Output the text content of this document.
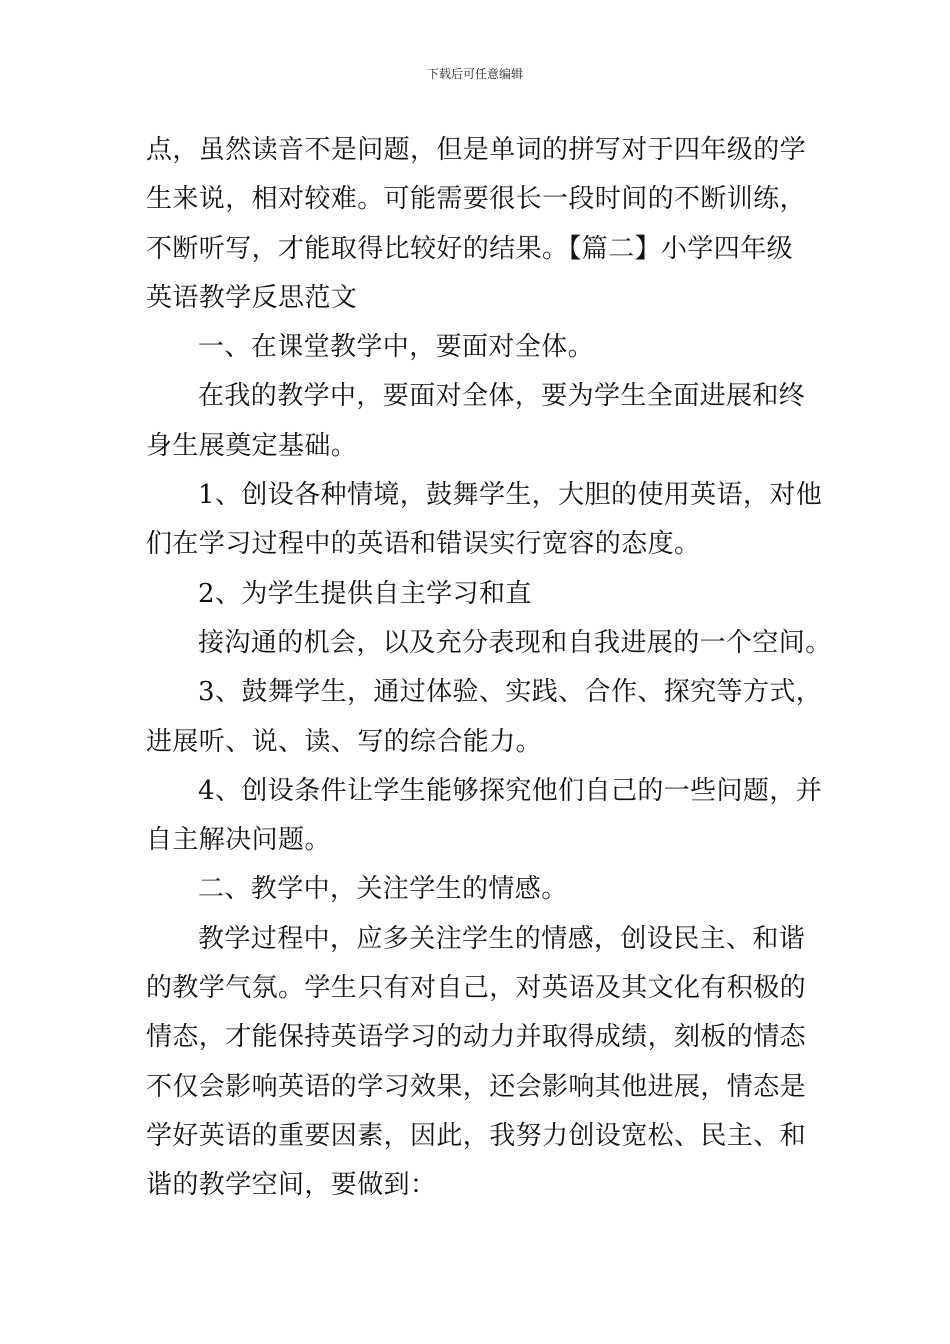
下载后可任意编辑
点，虽然读音不是问题，但是单词的拼写对于四年级的学
生来说，相对较难。可能需要很长一段时间的不断训练，
不断听写，才能取得比较好的结果。【篇二】小学四年级
英语教学反思范文
一、在课堂教学中，要面对全体。
在我的教学中，要面对全体，要为学生全面进展和终
身生展奠定基础。
1、创设各种情境，鼓舞学生，大胆的使用英语，对他
们在学习过程中的英语和错误实行宽容的态度。
2、为学生提供自主学习和直
接沟通的机会，以及充分表现和自我进展的一个空间。
3、鼓舞学生，通过体验、实践、合作、探究等方式，
进展听、说、读、写的综合能力。
4、创设条件让学生能够探究他们自己的一些问题，并
自主解决问题。
二、教学中，关注学生的情感。
教学过程中，应多关注学生的情感，创设民主、和谐
的教学气氛。学生只有对自己，对英语及其文化有积极的
情态，才能保持英语学习的动力并取得成绩，刻板的情态
不仅会影响英语的学习效果，还会影响其他进展，情态是
学好英语的重要因素，因此，我努力创设宽松、民主、和
谐的教学空间，要做到：
